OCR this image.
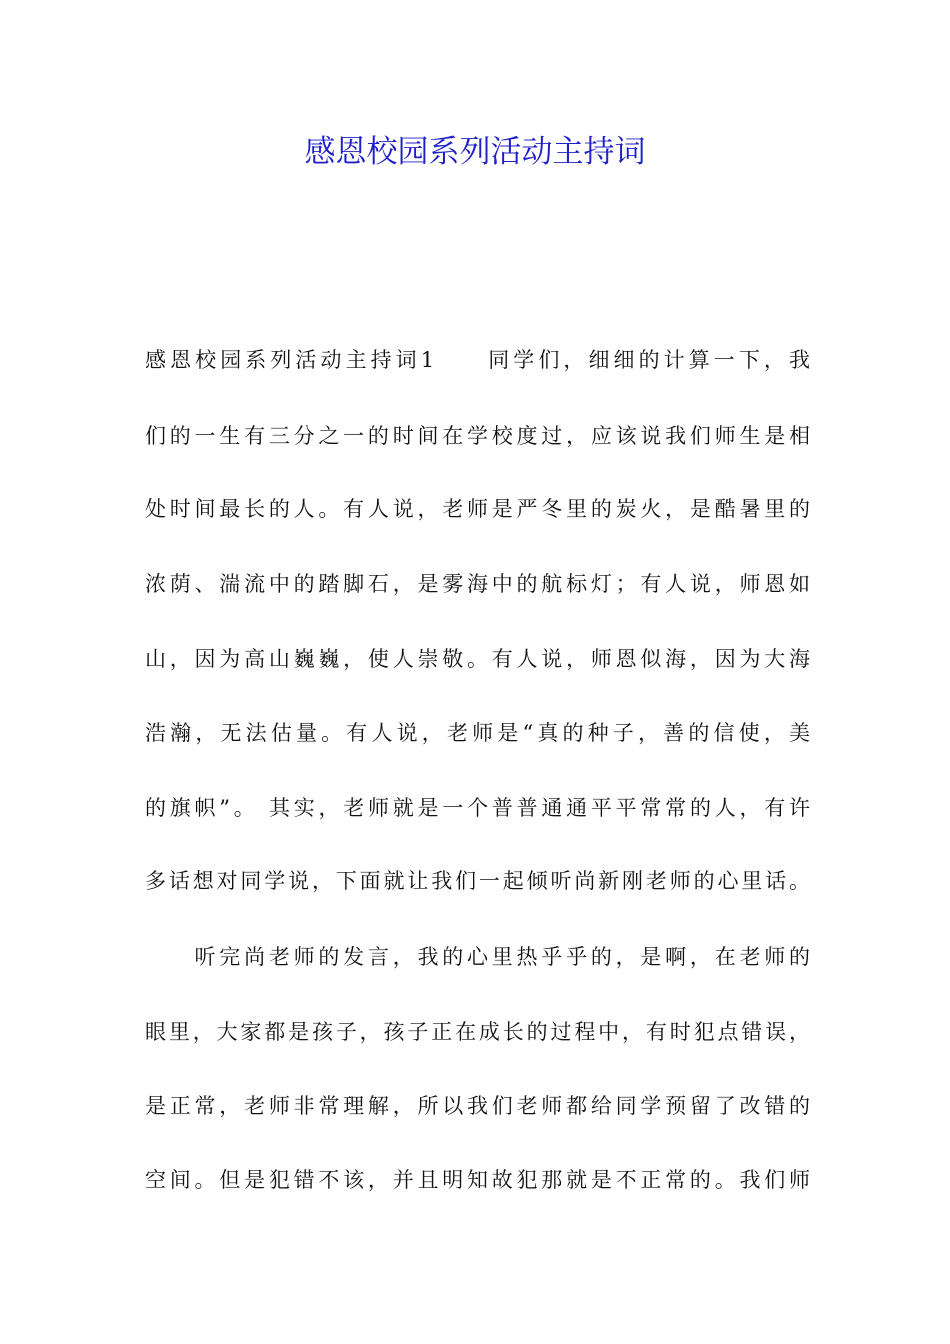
感恩校园系列活动主持词
感恩校园系列活动主持词1　　同学们，细细的计算一下，我
们的一生有三分之一的时间在学校度过，应该说我们师生是相
处时间最长的人。有人说，老师是严冬里的炭火，是酷暑里的
浓荫、湍流中的踏脚石，是雾海中的航标灯；有人说，师恩如
山，因为高山巍巍，使人崇敬。有人说，师恩似海，因为大海
浩瀚，无法估量。有人说，老师是“真的种子，善的信使，美
的旗帜”。 其实，老师就是一个普普通通平平常常的人，有许
多话想对同学说，下面就让我们一起倾听尚新刚老师的心里话。
　　听完尚老师的发言，我的心里热乎乎的，是啊，在老师的
眼里，大家都是孩子，孩子正在成长的过程中，有时犯点错误，
是正常，老师非常理解，所以我们老师都给同学预留了改错的
空间。但是犯错不该，并且明知故犯那就是不正常的。我们师
